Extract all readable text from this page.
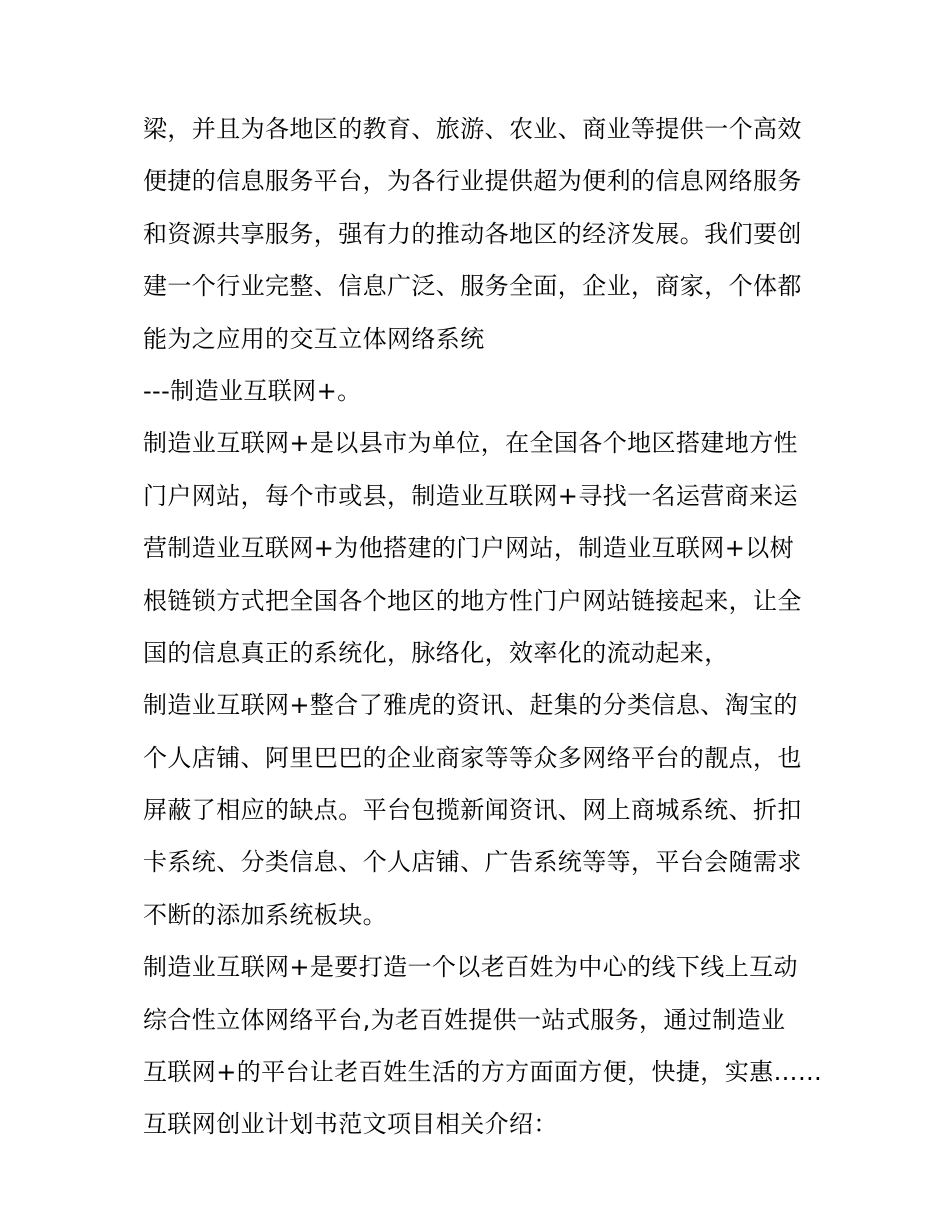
梁，并且为各地区的教育、旅游、农业、商业等提供一个高效
便捷的信息服务平台，为各行业提供超为便利的信息网络服务
和资源共享服务，强有力的推动各地区的经济发展。我们要创
建一个行业完整、信息广泛、服务全面，企业，商家，个体都
能为之应用的交互立体网络系统
---制造业互联网+。
制造业互联网+是以县市为单位，在全国各个地区搭建地方性
门户网站，每个市或县，制造业互联网+寻找一名运营商来运
营制造业互联网+为他搭建的门户网站，制造业互联网+以树
根链锁方式把全国各个地区的地方性门户网站链接起来，让全
国的信息真正的系统化，脉络化，效率化的流动起来，
制造业互联网+整合了雅虎的资讯、赶集的分类信息、淘宝的
个人店铺、阿里巴巴的企业商家等等众多网络平台的靓点，也
屏蔽了相应的缺点。平台包揽新闻资讯、网上商城系统、折扣
卡系统、分类信息、个人店铺、广告系统等等，平台会随需求
不断的添加系统板块。
制造业互联网+是要打造一个以老百姓为中心的线下线上互动
综合性立体网络平台,为老百姓提供一站式服务，通过制造业
互联网+的平台让老百姓生活的方方面面方便，快捷，实惠……
互联网创业计划书范文项目相关介绍：
